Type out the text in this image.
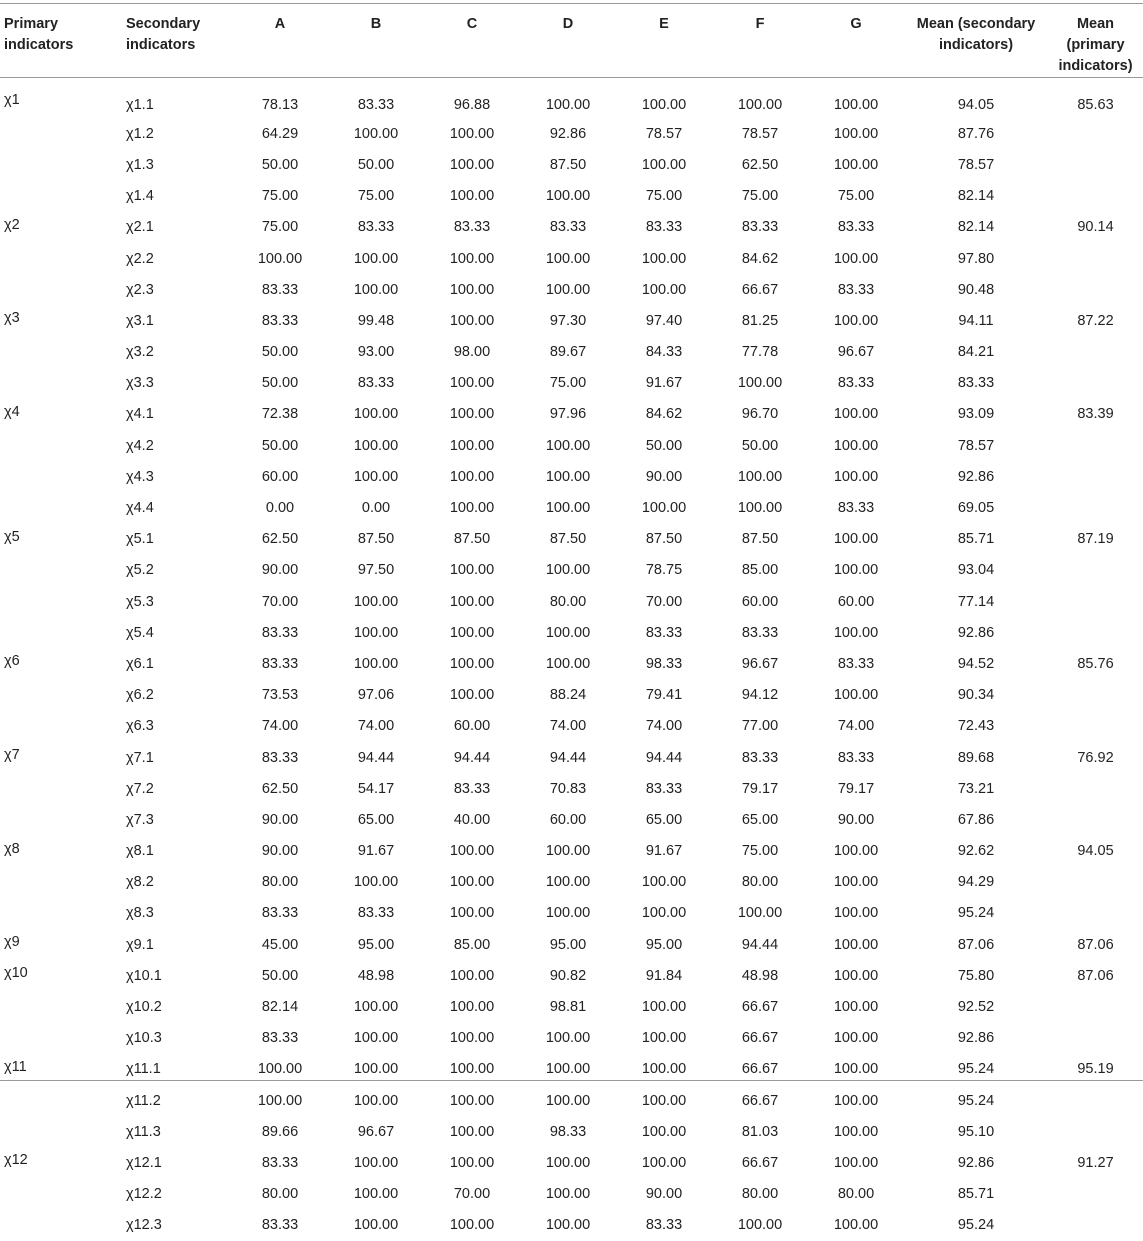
Primary indicators	Secondary indicators	A	B	C	D	E	F	G	Mean (secondary indicators)	Mean (primary indicators)
χ1	χ1.1	78.13	83.33	96.88	100.00	100.00	100.00	100.00	94.05	85.63
	χ1.2	64.29	100.00	100.00	92.86	78.57	78.57	100.00	87.76	
	χ1.3	50.00	50.00	100.00	87.50	100.00	62.50	100.00	78.57	
	χ1.4	75.00	75.00	100.00	100.00	75.00	75.00	75.00	82.14	
χ2	χ2.1	75.00	83.33	83.33	83.33	83.33	83.33	83.33	82.14	90.14
	χ2.2	100.00	100.00	100.00	100.00	100.00	84.62	100.00	97.80	
	χ2.3	83.33	100.00	100.00	100.00	100.00	66.67	83.33	90.48	
χ3	χ3.1	83.33	99.48	100.00	97.30	97.40	81.25	100.00	94.11	87.22
	χ3.2	50.00	93.00	98.00	89.67	84.33	77.78	96.67	84.21	
	χ3.3	50.00	83.33	100.00	75.00	91.67	100.00	83.33	83.33	
χ4	χ4.1	72.38	100.00	100.00	97.96	84.62	96.70	100.00	93.09	83.39
	χ4.2	50.00	100.00	100.00	100.00	50.00	50.00	100.00	78.57	
	χ4.3	60.00	100.00	100.00	100.00	90.00	100.00	100.00	92.86	
	χ4.4	0.00	0.00	100.00	100.00	100.00	100.00	83.33	69.05	
χ5	χ5.1	62.50	87.50	87.50	87.50	87.50	87.50	100.00	85.71	87.19
	χ5.2	90.00	97.50	100.00	100.00	78.75	85.00	100.00	93.04	
	χ5.3	70.00	100.00	100.00	80.00	70.00	60.00	60.00	77.14	
	χ5.4	83.33	100.00	100.00	100.00	83.33	83.33	100.00	92.86	
χ6	χ6.1	83.33	100.00	100.00	100.00	98.33	96.67	83.33	94.52	85.76
	χ6.2	73.53	97.06	100.00	88.24	79.41	94.12	100.00	90.34	
	χ6.3	74.00	74.00	60.00	74.00	74.00	77.00	74.00	72.43	
χ7	χ7.1	83.33	94.44	94.44	94.44	94.44	83.33	83.33	89.68	76.92
	χ7.2	62.50	54.17	83.33	70.83	83.33	79.17	79.17	73.21	
	χ7.3	90.00	65.00	40.00	60.00	65.00	65.00	90.00	67.86	
χ8	χ8.1	90.00	91.67	100.00	100.00	91.67	75.00	100.00	92.62	94.05
	χ8.2	80.00	100.00	100.00	100.00	100.00	80.00	100.00	94.29	
	χ8.3	83.33	83.33	100.00	100.00	100.00	100.00	100.00	95.24	
χ9	χ9.1	45.00	95.00	85.00	95.00	95.00	94.44	100.00	87.06	87.06
χ10	χ10.1	50.00	48.98	100.00	90.82	91.84	48.98	100.00	75.80	87.06
	χ10.2	82.14	100.00	100.00	98.81	100.00	66.67	100.00	92.52	
	χ10.3	83.33	100.00	100.00	100.00	100.00	66.67	100.00	92.86	
χ11	χ11.1	100.00	100.00	100.00	100.00	100.00	66.67	100.00	95.24	95.19
	χ11.2	100.00	100.00	100.00	100.00	100.00	66.67	100.00	95.24	
	χ11.3	89.66	96.67	100.00	98.33	100.00	81.03	100.00	95.10	
χ12	χ12.1	83.33	100.00	100.00	100.00	100.00	66.67	100.00	92.86	91.27
	χ12.2	80.00	100.00	70.00	100.00	90.00	80.00	80.00	85.71	
	χ12.3	83.33	100.00	100.00	100.00	83.33	100.00	100.00	95.24	
